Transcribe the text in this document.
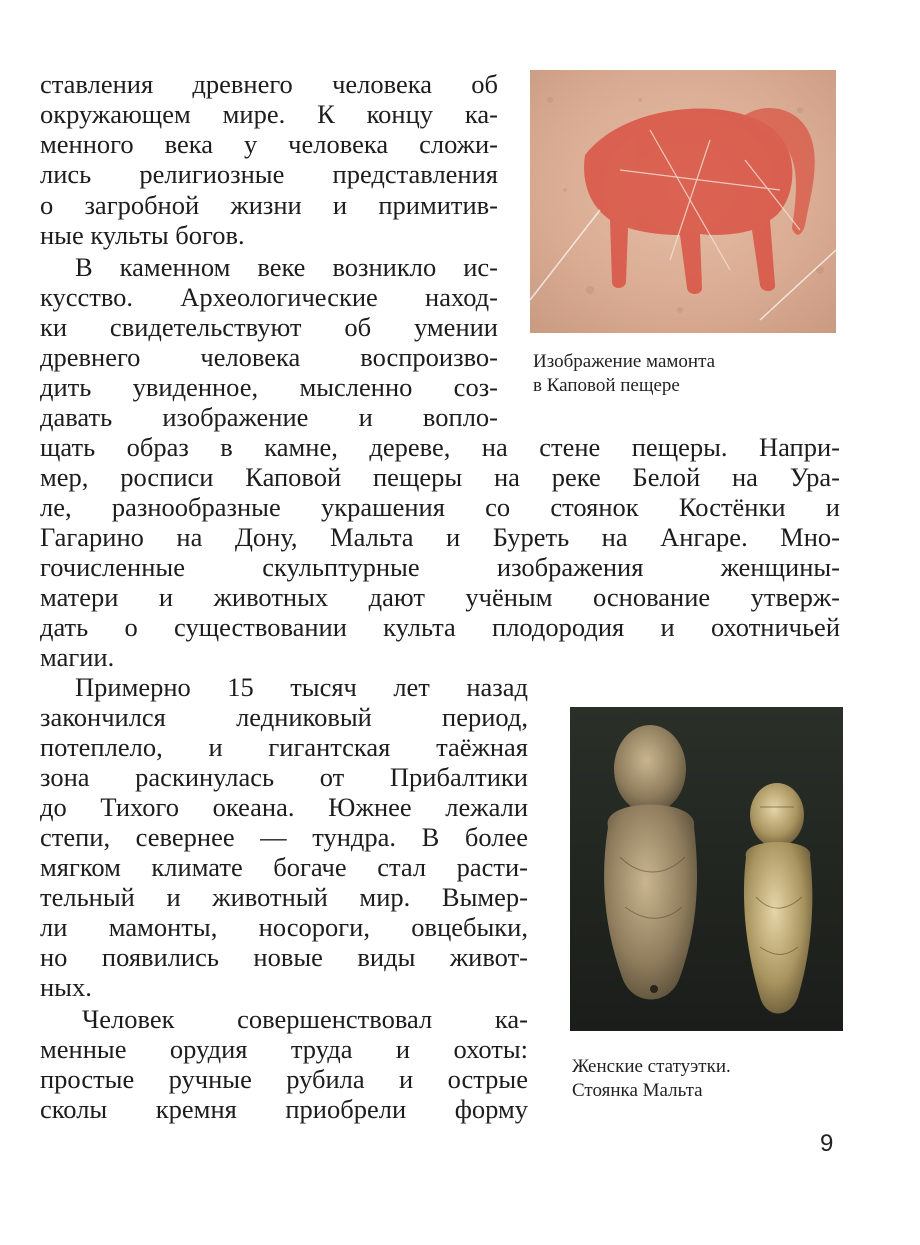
ставления древнего человека об

окружающем мире. К концу ка-

менного века у человека сложи-

лись религиозные представления

о загробной жизни и примитив-

ные культы богов.

В каменном веке возникло ис-

кусство. Археологические наход-

ки свидетельствуют об умении

древнего человека воспроизво-

дить увиденное, мысленно соз-

давать изображение и вопло-

щать образ в камне, дереве, на стене пещеры. Напри-

мер, росписи Каповой пещеры на реке Белой на Ура-

ле, разнообразные украшения со стоянок Костёнки и

Гагарино на Дону, Мальта и Буреть на Ангаре. Мно-

гочисленные скульптурные изображения женщины-

матери и животных дают учёным основание утверж-

дать о существовании культа плодородия и охотничьей

магии.

Примерно 15 тысяч лет назад

закончился ледниковый период,

потеплело, и гигантская таёжная

зона раскинулась от Прибалтики

до Тихого океана. Южнее лежали

степи, севернее — тундра. В более

мягком климате богаче стал расти-

тельный и животный мир. Вымер-

ли мамонты, носороги, овцебыки,

но появились новые виды живот-

ных.

Человек совершенствовал ка-

менные орудия труда и охоты:

простые ручные рубила и острые

сколы кремня приобрели форму

Изображение мамонта
в Каповой пещере
Женские статуэтки.
Стоянка Мальта
9
